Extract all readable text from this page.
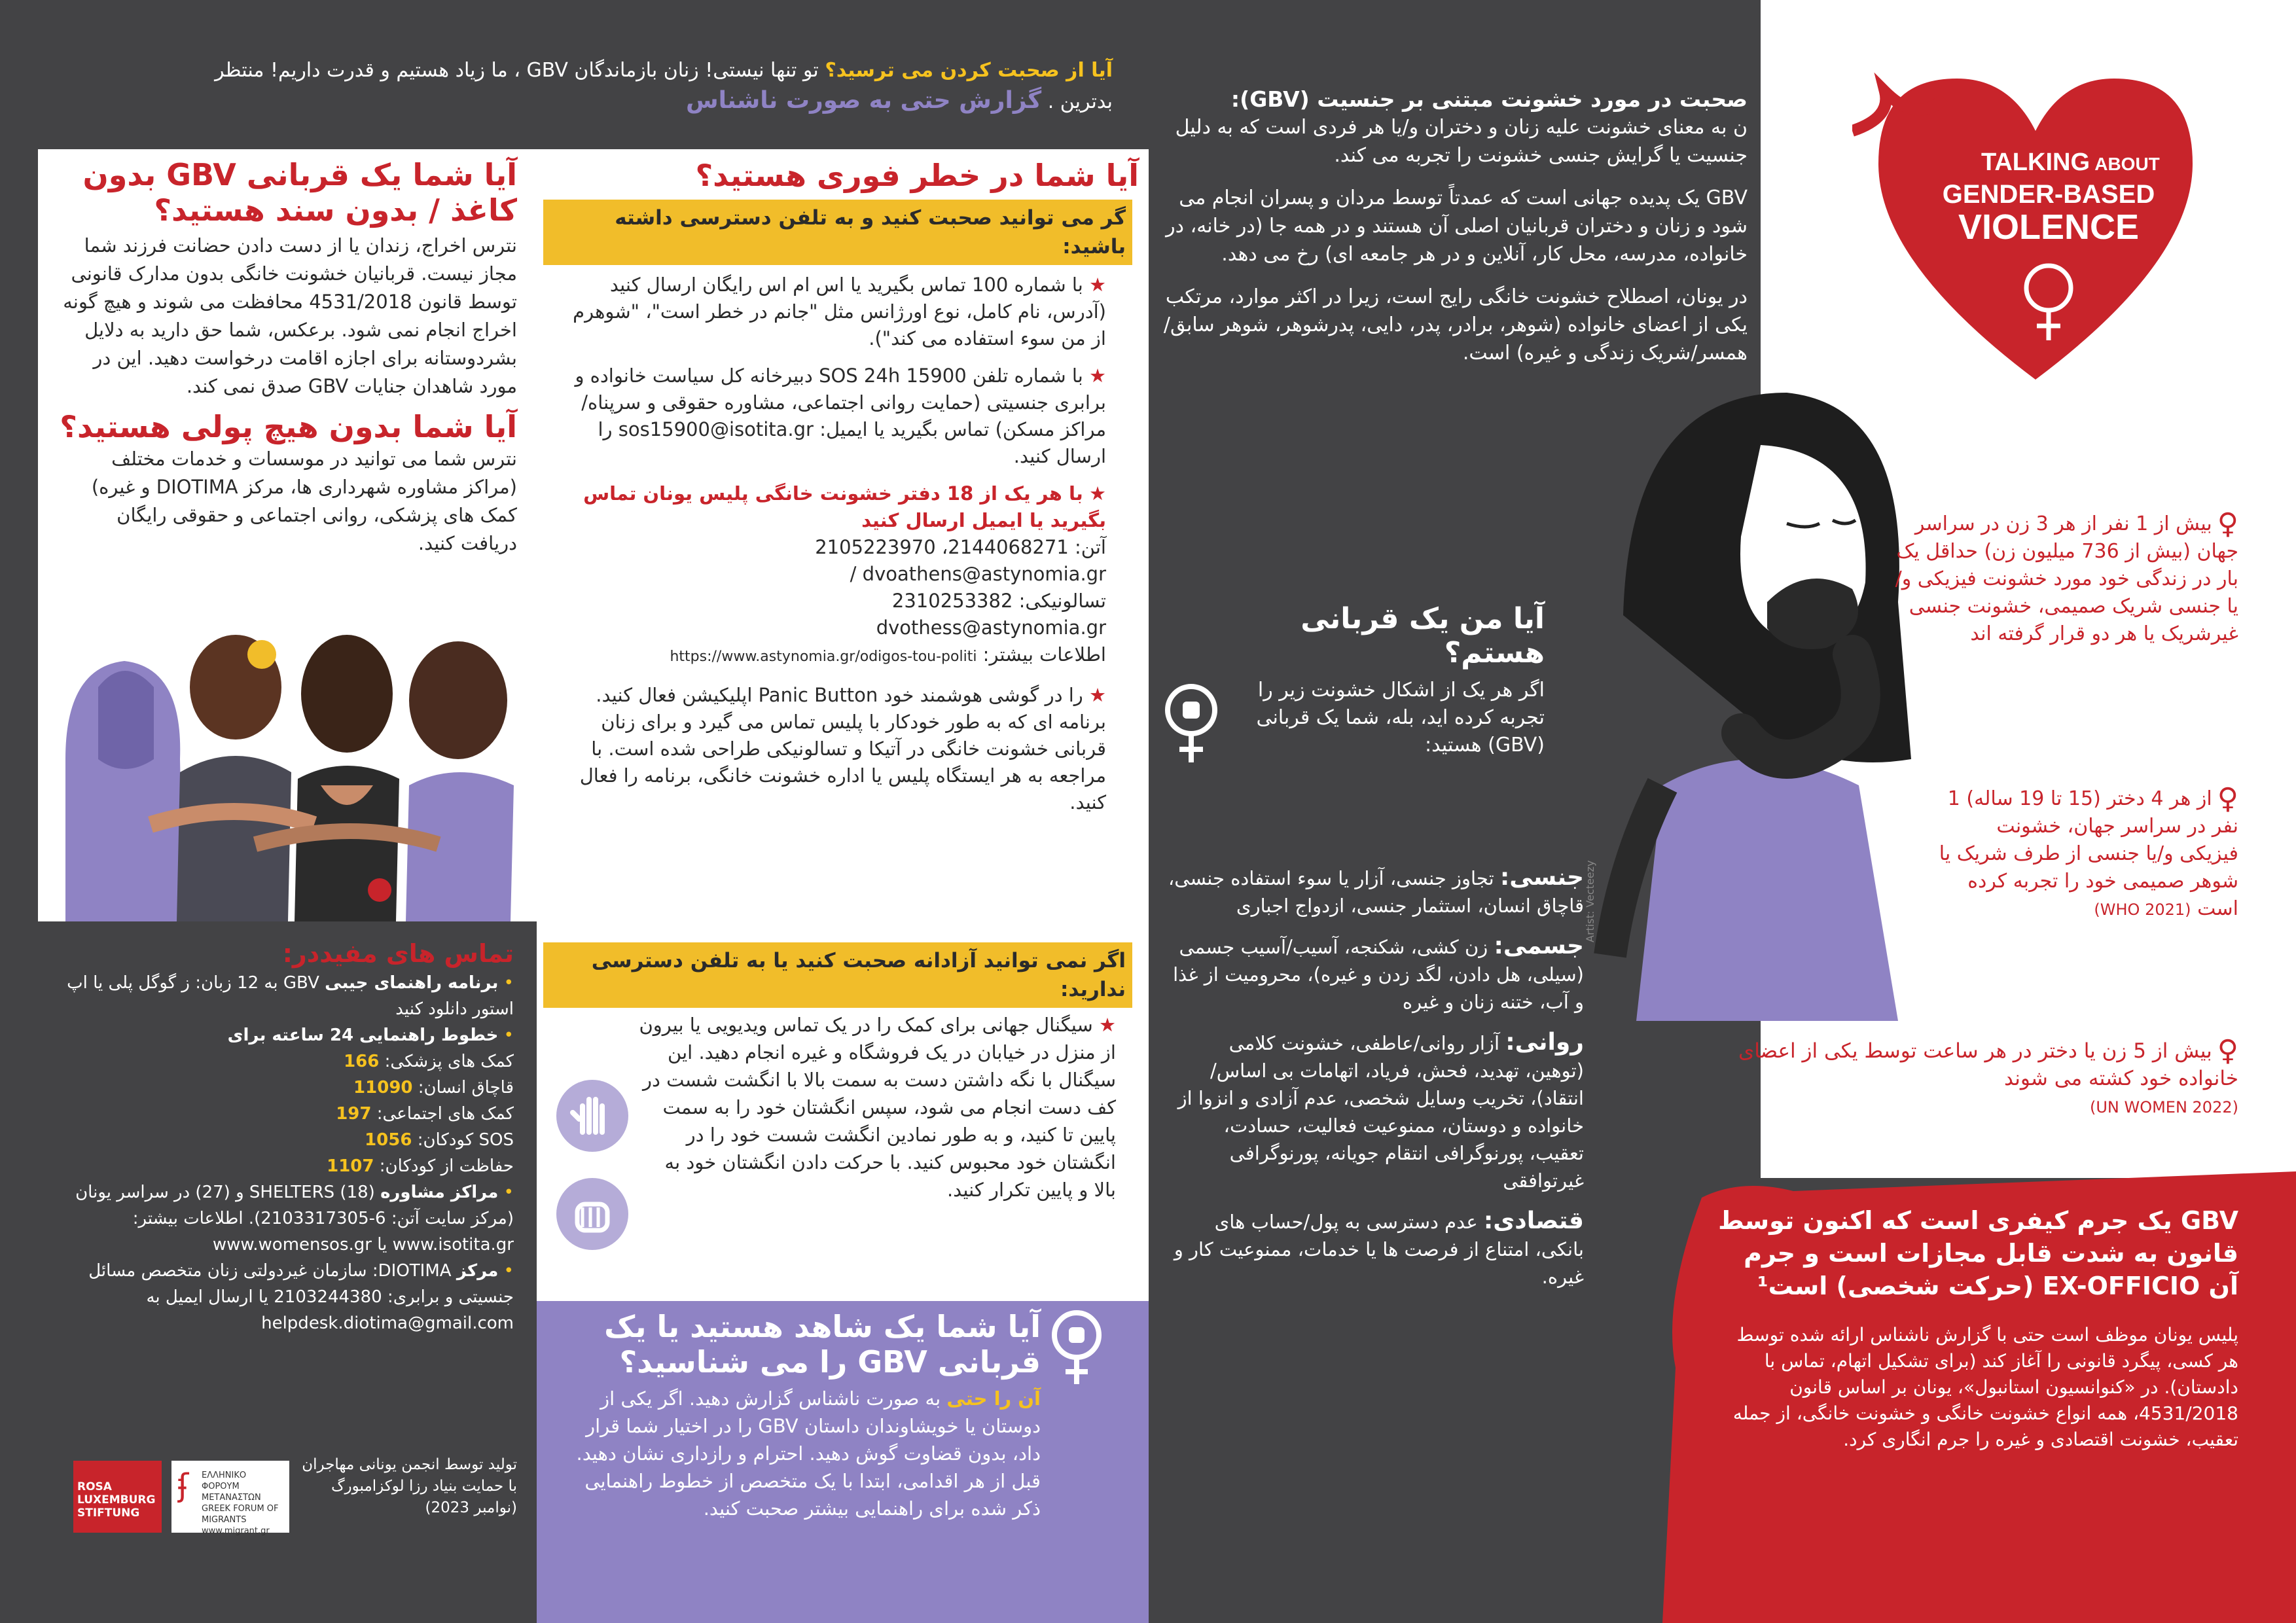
آیا از صحبت کردن می ترسید؟ تو تنها نیستی! زنان بازماندگان GBV ، ما زیاد هستیم و قدرت داریم! منتظر

بدترین . گزارش حتی به صورت ناشناس

آیا شما یک قربانی GBV بدون کاغذ / بدون سند هستید؟

نترس اخراج، زندان یا از دست دادن حضانت فرزند شما مجاز نیست. قربانیان خشونت خانگی بدون مدارک قانونی توسط قانون 4531/2018 محافظت می شوند و هیچ گونه اخراج انجام نمی شود. برعکس، شما حق دارید به دلایل بشردوستانه برای اجازه اقامت درخواست دهید. این در مورد شاهدان جنایات GBV صدق نمی کند.

آیا شما بدون هیچ پولی هستید؟

نترس شما می توانید در موسسات و خدمات مختلف (مراکز مشاوره شهرداری ها، مرکز DIOTIMA و غیره) کمک های پزشکی، روانی اجتماعی و حقوقی رایگان دریافت کنید.

تماس های مفیددر:

• برنامه راهنمای جیبی GBV به 12 زبان: ز گوگل پلی یا اپ استور دانلود کنید

• خطوط راهنمایی 24 ساعته برای

کمک های پزشکی: 166

قاچاق انسان: 11090

کمک های اجتماعی: 197

SOS کودکان: 1056

حفاظت از کودکان: 1107

• مراکز مشاوره SHELTERS (18) و (27) در سراسر یونان (مرکز سایت آتن: 6-2103317305). اطلاعات بیشتر: www.isotita.gr یا www.womensos.gr

• مرکز DIOTIMA: سازمان غیردولتی زنان متخصص مسائل جنسیتی و برابری: 2103244380 یا ارسال ایمیل به helpdesk.diotima@gmail.com

ROSA LUXEMBURG STIFTUNG
ʄ ΕΛΛΗΝΙΚΟ ΦΟΡΟΥΜ ΜΕΤΑΝΑΣΤΩΝ GREEK FORUM OF MIGRANTS www.migrant.gr
تولید توسط انجمن یونانی مهاجران با حمایت بنیاد رزا لوکزامبورگ (نوامبر 2023)

آیا شما در خطر فوری هستید؟

گر می توانید صحبت کنید و به تلفن دسترسی داشته باشید:

★ با شماره 100 تماس بگیرید یا اس ام اس رایگان ارسال کنید (آدرس، نام کامل، نوع اورژانس مثل "جانم در خطر است"، "شوهرم از من سوء استفاده می کند").

★ با شماره تلفن 15900 SOS 24h دبیرخانه کل سیاست خانواده و برابری جنسیتی (حمایت روانی اجتماعی، مشاوره حقوقی و سرپناه/مراکز مسکن) تماس بگیرید یا ایمیل: sos15900@isotita.gr را ارسال کنید.

★ با هر یک از 18 دفتر خشونت خانگی پلیس یونان تماس بگیرید یا ایمیل ارسال کنید

آتن: 2144068271، 2105223970

dvoathens@astynomia.gr /

تسالونیکی: 2310253382

dvothess@astynomia.gr

اطلاعات بیشتر: https://www.astynomia.gr/odigos-tou-politi

★ را در گوشی هوشمند خود Panic Button اپلیکیشن فعال کنید. برنامه ای که به طور خودکار با پلیس تماس می گیرد و برای زنان قربانی خشونت خانگی در آتیکا و تسالونیکی طراحی شده است. با مراجعه به هر ایستگاه پلیس یا اداره خشونت خانگی، برنامه را فعال کنید.

اگر نمی توانید آزادانه صحبت کنید یا به تلفن دسترسی ندارید:
★ سیگنال جهانی برای کمک را در یک تماس ویدیویی یا بیرون از منزل در خیابان در یک فروشگاه و غیره انجام دهید. این سیگنال با نگه داشتن دست به سمت بالا با انگشت شست در کف دست انجام می شود، سپس انگشتان خود را به سمت پایین تا کنید، و به طور نمادین انگشت شست خود را در انگشتان خود محبوس کنید. با حرکت دادن انگشتان خود به بالا و پایین تکرار کنید.

آیا شما یک شاهد هستید یا یک قربانی GBV را می شناسید؟

آن را حتی به صورت ناشناس گزارش دهید. اگر یکی از دوستان یا خویشاوندان داستان GBV را در اختیار شما قرار داد، بدون قضاوت گوش دهید. احترام و رازداری نشان دهید. قبل از هر اقدامی، ابتدا با یک متخصص از خطوط راهنمایی ذکر شده برای راهنمایی بیشتر صحبت کنید.

صحبت در مورد خشونت مبتنی بر جنسیت (GBV):

ن به معنای خشونت علیه زنان و دختران و/یا هر فردی است که به دلیل جنسیت یا گرایش جنسی خشونت را تجربه می کند.

GBV یک پدیده جهانی است که عمدتاً توسط مردان و پسران انجام می شود و زنان و دختران قربانیان اصلی آن هستند و در همه جا (در خانه، در خانواده، مدرسه، محل کار، آنلاین و در هر جامعه ای) رخ می دهد.

در یونان، اصطلاح خشونت خانگی رایج است، زیرا در اکثر موارد، مرتکب یکی از اعضای خانواده (شوهر، برادر، پدر، دایی، پدرشوهر، شوهر سابق/همسر/شریک زندگی و غیره) است.

آیا من یک قربانی هستم؟

اگر هر یک از اشکال خشونت زیر را تجربه کرده اید، بله، شما یک قربانی (GBV) هستید:

جنسی: تجاوز جنسی، آزار یا سوء استفاده جنسی، قاچاق انسان، استثمار جنسی، ازدواج اجباری

جسمی: زن کشی، شکنجه، آسیب/آسیب جسمی (سیلی، هل دادن، لگد زدن و غیره)، محرومیت از غذا و آب، ختنه زنان و غیره

روانی: آزار روانی/عاطفی، خشونت کلامی (توهین، تهدید، فحش، فریاد، اتهامات بی اساس/انتقاد)، تخریب وسایل شخصی، عدم آزادی و انزوا از خانواده و دوستان، ممنوعیت فعالیت، حسادت، تعقیب، پورنوگرافی انتقام جویانه، پورنوگرافی غیرتوافقی

قتصادی: عدم دسترسی به پول/حساب های بانکی، امتناع از فرصت ها یا خدمات، ممنوعیت کار و غیره.

TALKING ABOUT
GENDER-BASED
VIOLENCE
♀
بیش از 1 نفر از هر 3 زن در سراسر جهان (بیش از 736 میلیون زن) حداقل یک بار در زندگی خود مورد خشونت فیزیکی و/یا جنسی شریک صمیمی، خشونت جنسی غیرشریک یا هر دو قرار گرفته اند
♀
از هر 4 دختر (15 تا 19 ساله) 1 نفر در سراسر جهان، خشونت فیزیکی و/یا جنسی از طرف شریک یا شوهر صمیمی خود را تجربه کرده است (WHO 2021)
Artist: Vecteezy
♀
بیش از 5 زن یا دختر در هر ساعت توسط یکی از اعضای خانواده خود کشته می شوند
(UN WOMEN 2022)

GBV یک جرم کیفری است که اکنون توسط قانون به شدت قابل مجازات است و جرم آن EX-OFFICIO (حرکت شخصی) است¹

پلیس یونان موظف است حتی با گزارش ناشناس ارائه شده توسط هر کسی، پیگرد قانونی را آغاز کند (برای تشکیل اتهام، تماس با دادستان). در «کنوانسیون استانبول»، یونان بر اساس قانون 4531/2018، همه انواع خشونت خانگی و خشونت خانگی، از جمله تعقیب، خشونت اقتصادی و غیره را جرم انگاری کرد.
